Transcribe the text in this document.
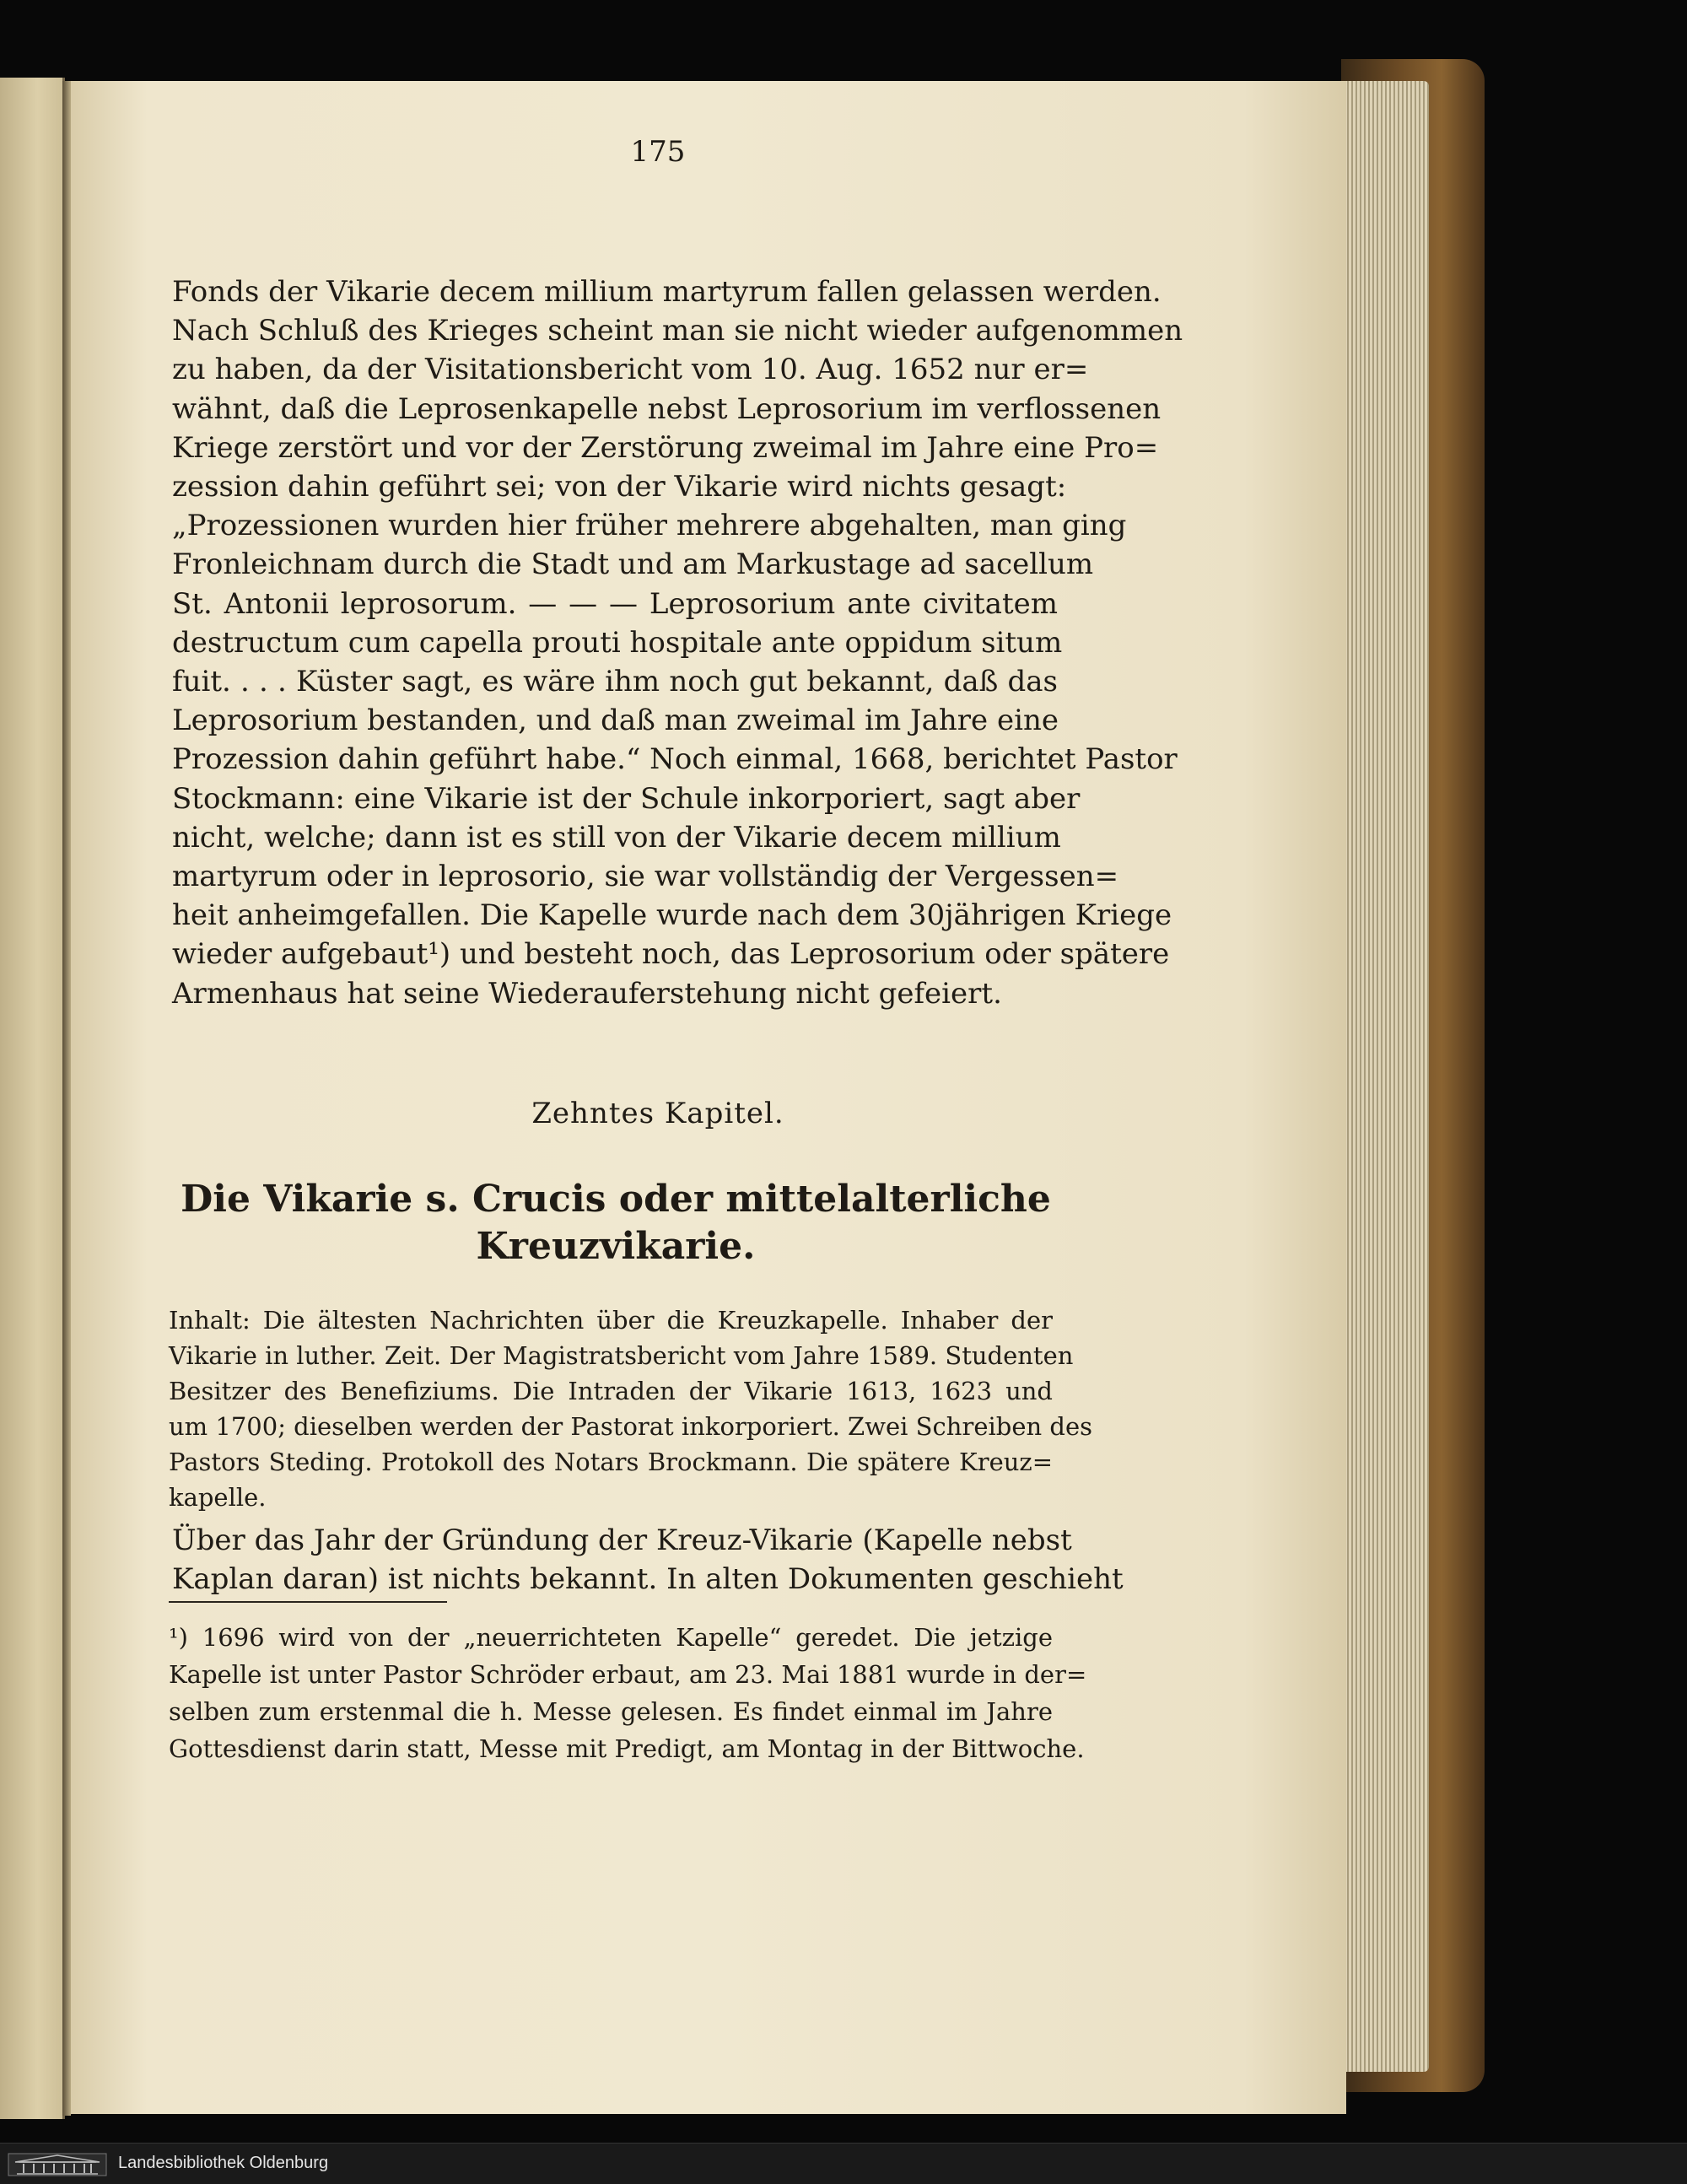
175
Fonds der Vikarie decem millium martyrum fallen gelassen werden.
Nach Schluß des Krieges scheint man sie nicht wieder aufgenommen
zu haben, da der Visitationsbericht vom 10. Aug. 1652 nur er=
wähnt, daß die Leprosenkapelle nebst Leprosorium im verflossenen
Kriege zerstört und vor der Zerstörung zweimal im Jahre eine Pro=
zession dahin geführt sei; von der Vikarie wird nichts gesagt:
„Prozessionen wurden hier früher mehrere abgehalten, man ging
Fronleichnam durch die Stadt und am Markustage ad sacellum
St. Antonii leprosorum. — — — Leprosorium ante civitatem
destructum cum capella prouti hospitale ante oppidum situm
fuit. . . . Küster sagt, es wäre ihm noch gut bekannt, daß das
Leprosorium bestanden, und daß man zweimal im Jahre eine
Prozession dahin geführt habe.“ Noch einmal, 1668, berichtet Pastor
Stockmann: eine Vikarie ist der Schule inkorporiert, sagt aber
nicht, welche; dann ist es still von der Vikarie decem millium
martyrum oder in leprosorio, sie war vollständig der Vergessen=
heit anheimgefallen. Die Kapelle wurde nach dem 30jährigen Kriege
wieder aufgebaut¹) und besteht noch, das Leprosorium oder spätere
Armenhaus hat seine Wiederauferstehung nicht gefeiert.
Zehntes Kapitel.
Die Vikarie s. Crucis oder mittelalterliche
Kreuzvikarie.
Inhalt: Die ältesten Nachrichten über die Kreuzkapelle. Inhaber der
Vikarie in luther. Zeit. Der Magistratsbericht vom Jahre 1589. Studenten
Besitzer des Benefiziums. Die Intraden der Vikarie 1613, 1623 und
um 1700; dieselben werden der Pastorat inkorporiert. Zwei Schreiben des
Pastors Steding. Protokoll des Notars Brockmann. Die spätere Kreuz=
kapelle.
Über das Jahr der Gründung der Kreuz-Vikarie (Kapelle nebst
Kaplan daran) ist nichts bekannt. In alten Dokumenten geschieht
¹) 1696 wird von der „neuerrichteten Kapelle“ geredet. Die jetzige
Kapelle ist unter Pastor Schröder erbaut, am 23. Mai 1881 wurde in der=
selben zum erstenmal die h. Messe gelesen. Es findet einmal im Jahre
Gottesdienst darin statt, Messe mit Predigt, am Montag in der Bittwoche.
Landesbibliothek Oldenburg
